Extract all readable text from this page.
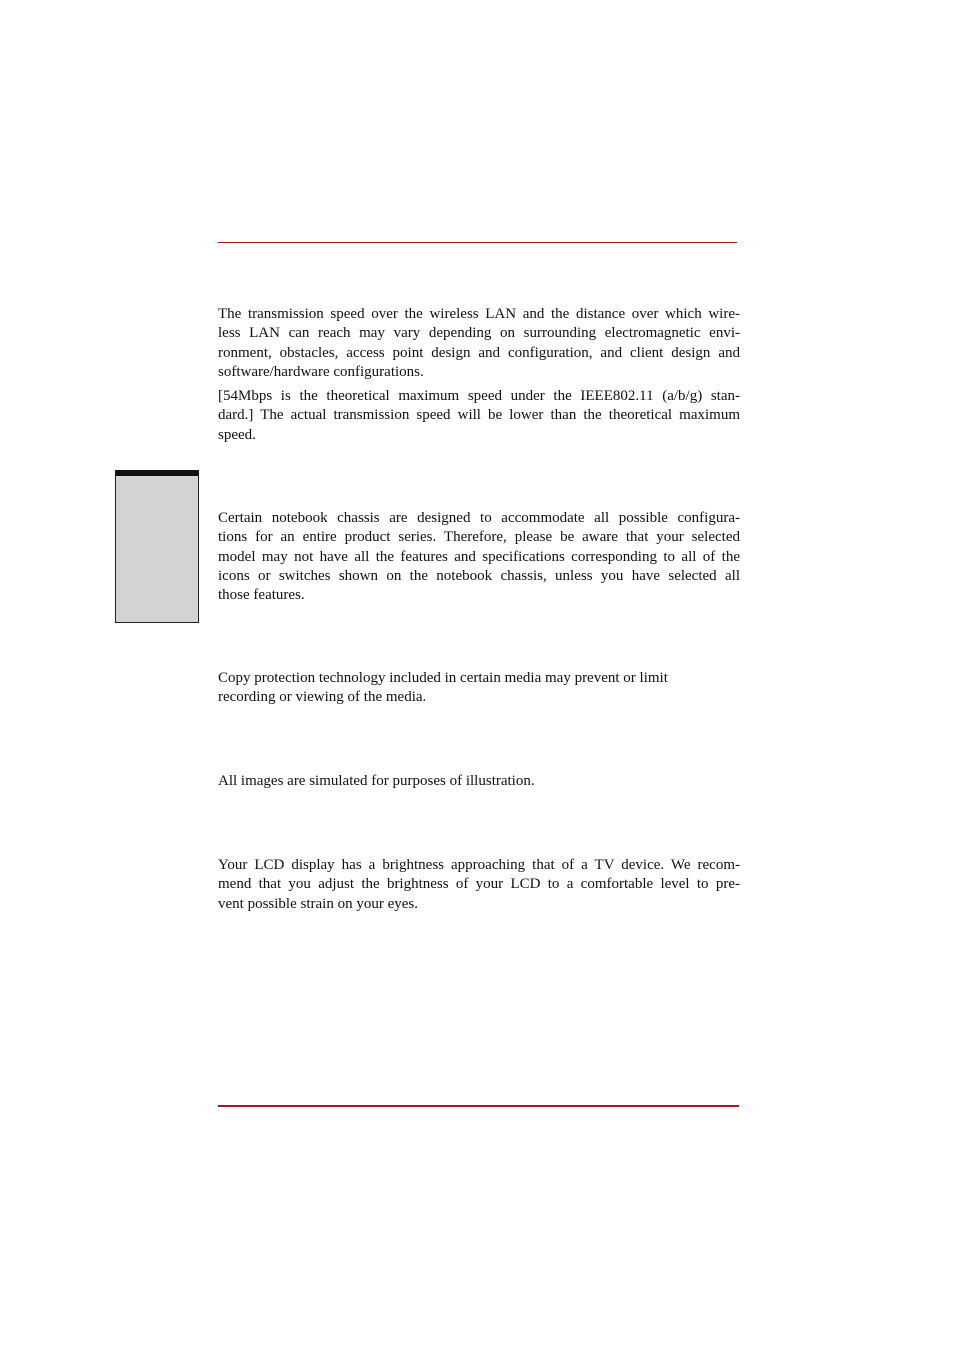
The transmission speed over the wireless LAN and the distance over which wire-
less LAN can reach may vary depending on surrounding electromagnetic envi-
ronment, obstacles, access point design and configuration, and client design and
software/hardware configurations.

[54Mbps is the theoretical maximum speed under the IEEE802.11 (a/b/g) stan-
dard.] The actual transmission speed will be lower than the theoretical maximum
speed.

Certain notebook chassis are designed to accommodate all possible configura-
tions for an entire product series. Therefore, please be aware that your selected
model may not have all the features and specifications corresponding to all of the
icons or switches shown on the notebook chassis, unless you have selected all
those features.

Copy protection technology included in certain media may prevent or limit
recording or viewing of the media.

All images are simulated for purposes of illustration.

Your LCD display has a brightness approaching that of a TV device. We recom-
mend that you adjust the brightness of your LCD to a comfortable level to pre-
vent possible strain on your eyes.
